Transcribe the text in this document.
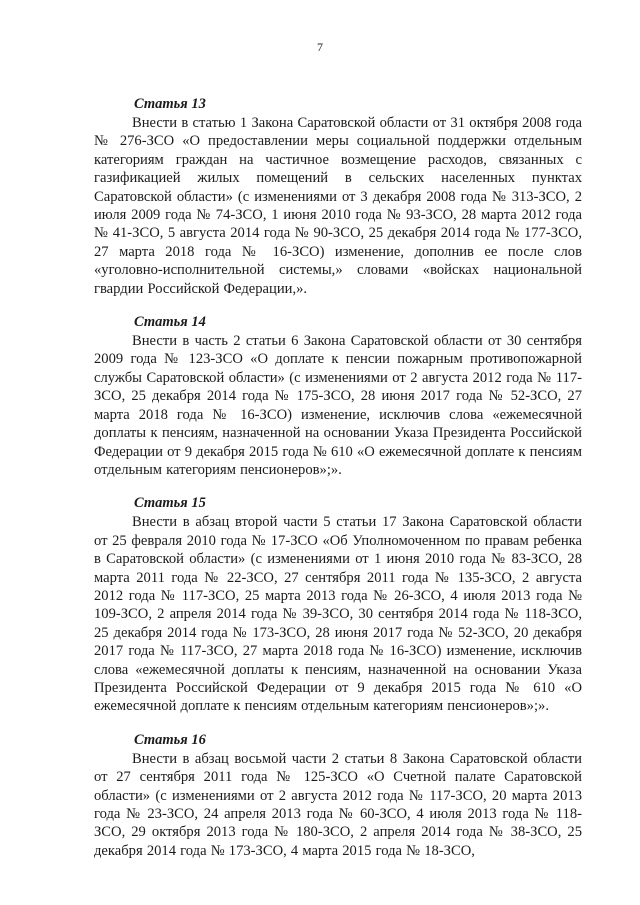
7

Статья 13

Внести в статью 1 Закона Саратовской области от 31 октября 2008 года № 276-ЗСО «О предоставлении меры социальной поддержки отдельным категориям граждан на частичное возмещение расходов, связанных с газификацией жилых помещений в сельских населенных пунктах Саратовской области» (с изменениями от 3 декабря 2008 года № 313-ЗСО, 2 июля 2009 года № 74-ЗСО, 1 июня 2010 года № 93-ЗСО, 28 марта 2012 года № 41-ЗСО, 5 августа 2014 года № 90-ЗСО, 25 декабря 2014 года № 177-ЗСО, 27 марта 2018 года № 16-ЗСО) изменение, дополнив ее после слов «уголовно-исполнительной системы,» словами «войсках национальной гвардии Российской Федерации,».

Статья 14

Внести в часть 2 статьи 6 Закона Саратовской области от 30 сентября 2009 года № 123-ЗСО «О доплате к пенсии пожарным противопожарной службы Саратовской области» (с изменениями от 2 августа 2012 года № 117-ЗСО, 25 декабря 2014 года № 175-ЗСО, 28 июня 2017 года № 52-ЗСО, 27 марта 2018 года № 16-ЗСО) изменение, исключив слова «ежемесячной доплаты к пенсиям, назначенной на основании Указа Президента Российской Федерации от 9 декабря 2015 года № 610 «О ежемесячной доплате к пенсиям отдельным категориям пенсионеров»;».

Статья 15

Внести в абзац второй части 5 статьи 17 Закона Саратовской области от 25 февраля 2010 года № 17-ЗСО «Об Уполномоченном по правам ребенка в Саратовской области» (с изменениями от 1 июня 2010 года № 83-ЗСО, 28 марта 2011 года № 22-ЗСО, 27 сентября 2011 года № 135-ЗСО, 2 августа 2012 года № 117-ЗСО, 25 марта 2013 года № 26-ЗСО, 4 июля 2013 года № 109-ЗСО, 2 апреля 2014 года № 39-ЗСО, 30 сентября 2014 года № 118-ЗСО, 25 декабря 2014 года № 173-ЗСО, 28 июня 2017 года № 52-ЗСО, 20 декабря 2017 года № 117-ЗСО, 27 марта 2018 года № 16-ЗСО) изменение, исключив слова «ежемесячной доплаты к пенсиям, назначенной на основании Указа Президента Российской Федерации от 9 декабря 2015 года № 610 «О ежемесячной доплате к пенсиям отдельным категориям пенсионеров»;».

Статья 16

Внести в абзац восьмой части 2 статьи 8 Закона Саратовской области от 27 сентября 2011 года № 125-ЗСО «О Счетной палате Саратовской области» (с изменениями от 2 августа 2012 года № 117-ЗСО, 20 марта 2013 года № 23-ЗСО, 24 апреля 2013 года № 60-ЗСО, 4 июля 2013 года № 118-ЗСО, 29 октября 2013 года № 180-ЗСО, 2 апреля 2014 года № 38-ЗСО, 25 декабря 2014 года № 173-ЗСО, 4 марта 2015 года № 18-ЗСО,
